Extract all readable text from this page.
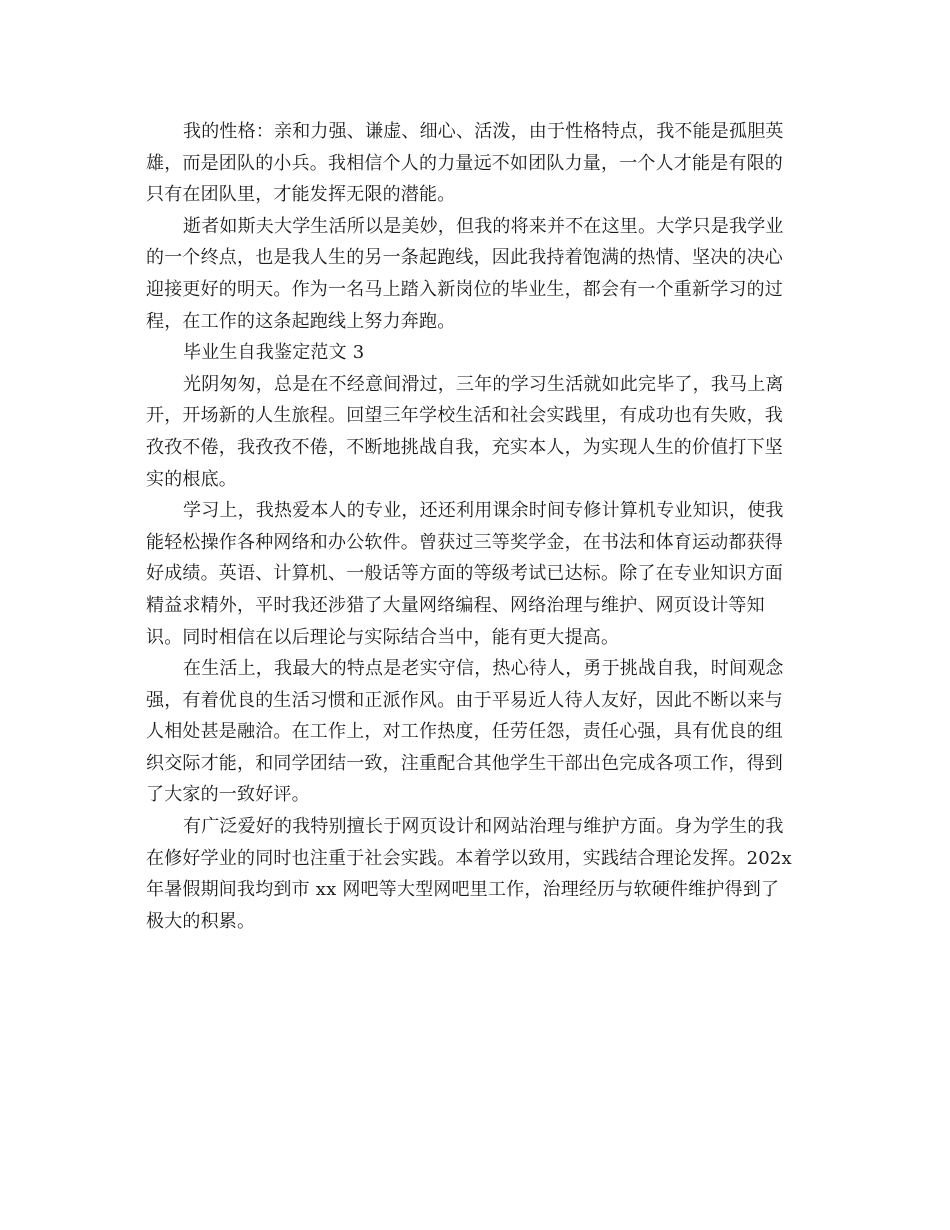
我的性格：亲和力强、谦虚、细心、活泼，由于性格特点，我不能是孤胆英
雄，而是团队的小兵。我相信个人的力量远不如团队力量，一个人才能是有限的
只有在团队里，才能发挥无限的潜能。
逝者如斯夫大学生活所以是美妙，但我的将来并不在这里。大学只是我学业
的一个终点，也是我人生的另一条起跑线，因此我持着饱满的热情、坚决的决心
迎接更好的明天。作为一名马上踏入新岗位的毕业生，都会有一个重新学习的过
程，在工作的这条起跑线上努力奔跑。
毕业生自我鉴定范文 3
光阴匆匆，总是在不经意间滑过，三年的学习生活就如此完毕了，我马上离
开，开场新的人生旅程。回望三年学校生活和社会实践里，有成功也有失败，我
孜孜不倦，我孜孜不倦，不断地挑战自我，充实本人，为实现人生的价值打下坚
实的根底。
学习上，我热爱本人的专业，还还利用课余时间专修计算机专业知识，使我
能轻松操作各种网络和办公软件。曾获过三等奖学金，在书法和体育运动都获得
好成绩。英语、计算机、一般话等方面的等级考试已达标。除了在专业知识方面
精益求精外，平时我还涉猎了大量网络编程、网络治理与维护、网页设计等知
识。同时相信在以后理论与实际结合当中，能有更大提高。
在生活上，我最大的特点是老实守信，热心待人，勇于挑战自我，时间观念
强，有着优良的生活习惯和正派作风。由于平易近人待人友好，因此不断以来与
人相处甚是融洽。在工作上，对工作热度，任劳任怨，责任心强，具有优良的组
织交际才能，和同学团结一致，注重配合其他学生干部出色完成各项工作，得到
了大家的一致好评。
有广泛爱好的我特别擅长于网页设计和网站治理与维护方面。身为学生的我
在修好学业的同时也注重于社会实践。本着学以致用，实践结合理论发挥。202x
年暑假期间我均到市 xx 网吧等大型网吧里工作，治理经历与软硬件维护得到了
极大的积累。
